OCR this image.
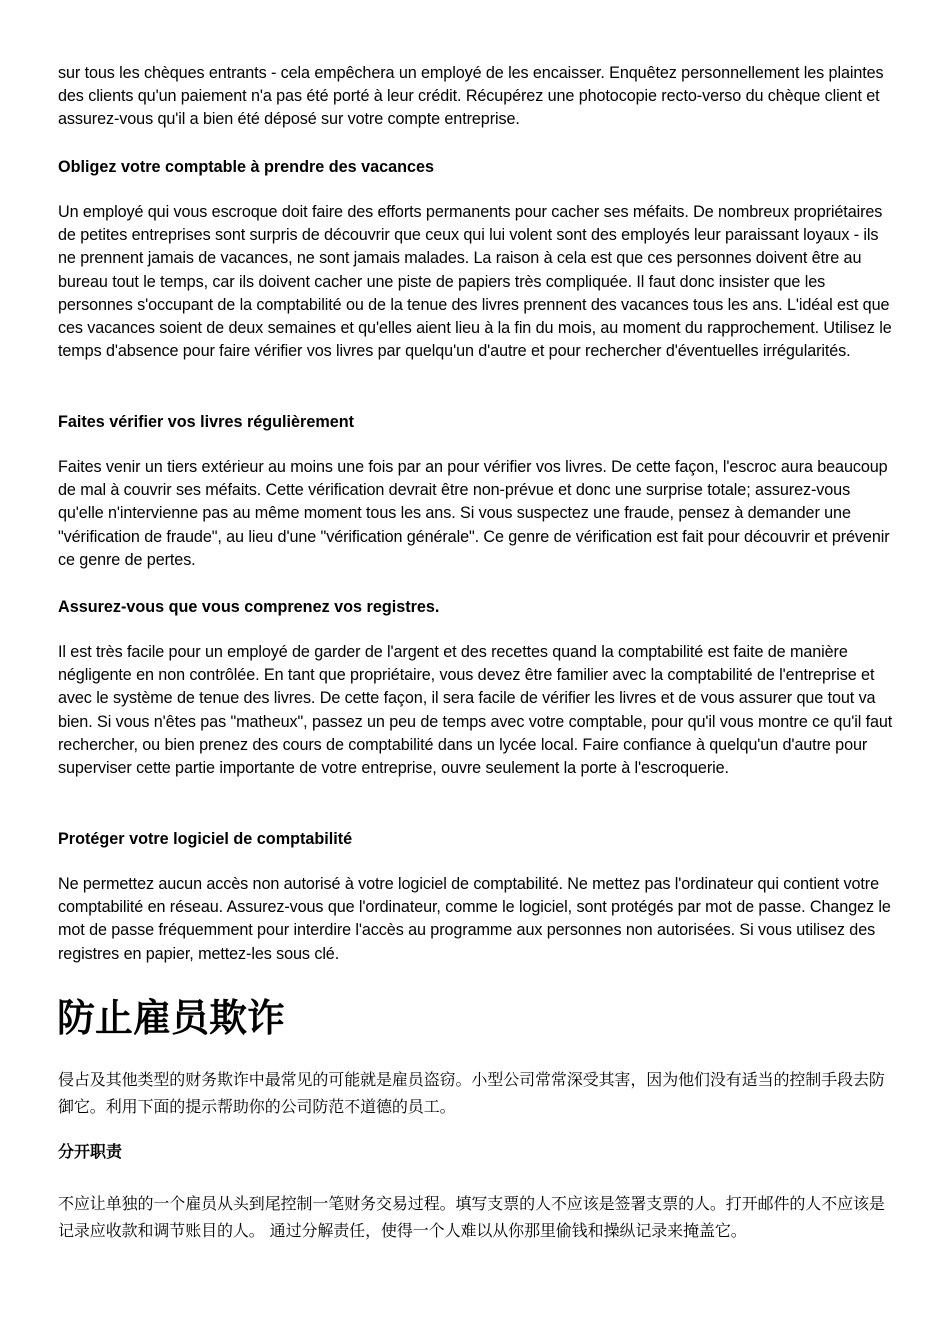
sur tous les chèques entrants - cela empêchera un employé de les encaisser. Enquêtez personnellement les plaintes des clients qu'un paiement n'a pas été porté à leur crédit. Récupérez une photocopie recto-verso du chèque client et assurez-vous qu'il a bien été déposé sur votre compte entreprise.

Obligez votre comptable à prendre des vacances

Un employé qui vous escroque doit faire des efforts permanents pour cacher ses méfaits. De nombreux propriétaires de petites entreprises sont surpris de découvrir que ceux qui lui volent sont des employés leur paraissant loyaux - ils ne prennent jamais de vacances, ne sont jamais malades. La raison à cela est que ces personnes doivent être au bureau tout le temps, car ils doivent cacher une piste de papiers très compliquée. Il faut donc insister que les personnes s'occupant de la comptabilité ou de la tenue des livres prennent des vacances tous les ans. L'idéal est que ces vacances soient de deux semaines et qu'elles aient lieu à la fin du mois, au moment du rapprochement. Utilisez le temps d'absence pour faire vérifier vos livres par quelqu'un d'autre et pour rechercher d'éventuelles irrégularités.

Faites vérifier vos livres régulièrement

Faites venir un tiers extérieur au moins une fois par an pour vérifier vos livres. De cette façon, l'escroc aura beaucoup de mal à couvrir ses méfaits. Cette vérification devrait être non-prévue et donc une surprise totale; assurez-vous qu'elle n'intervienne pas au même moment tous les ans. Si vous suspectez une fraude, pensez à demander une "vérification de fraude", au lieu d'une "vérification générale". Ce genre de vérification est fait pour découvrir et prévenir ce genre de pertes.

Assurez-vous que vous comprenez vos registres.

Il est très facile pour un employé de garder de l'argent et des recettes quand la comptabilité est faite de manière négligente en non contrôlée. En tant que propriétaire, vous devez être familier avec la comptabilité de l'entreprise et avec le système de tenue des livres. De cette façon, il sera facile de vérifier les livres et de vous assurer que tout va bien. Si vous n'êtes pas "matheux", passez un peu de temps avec votre comptable, pour qu'il vous montre ce qu'il faut rechercher, ou bien prenez des cours de comptabilité dans un lycée local. Faire confiance à quelqu'un d'autre pour superviser cette partie importante de votre entreprise, ouvre seulement la porte à l'escroquerie.

Protéger votre logiciel de comptabilité

Ne permettez aucun accès non autorisé à votre logiciel de comptabilité. Ne mettez pas l'ordinateur qui contient votre comptabilité en réseau. Assurez-vous que l'ordinateur, comme le logiciel, sont protégés par mot de passe. Changez le mot de passe fréquemment pour interdire l'accès au programme aux personnes non autorisées. Si vous utilisez des registres en papier, mettez-les sous clé.

防止雇员欺诈

侵占及其他类型的财务欺诈中最常见的可能就是雇员盗窃。小型公司常常深受其害，因为他们没有适当的控制手段去防御它。利用下面的提示帮助你的公司防范不道德的员工。

分开职责

不应让单独的一个雇员从头到尾控制一笔财务交易过程。填写支票的人不应该是签署支票的人。打开邮件的人不应该是记录应收款和调节账目的人。 通过分解责任，使得一个人难以从你那里偷钱和操纵记录来掩盖它。
